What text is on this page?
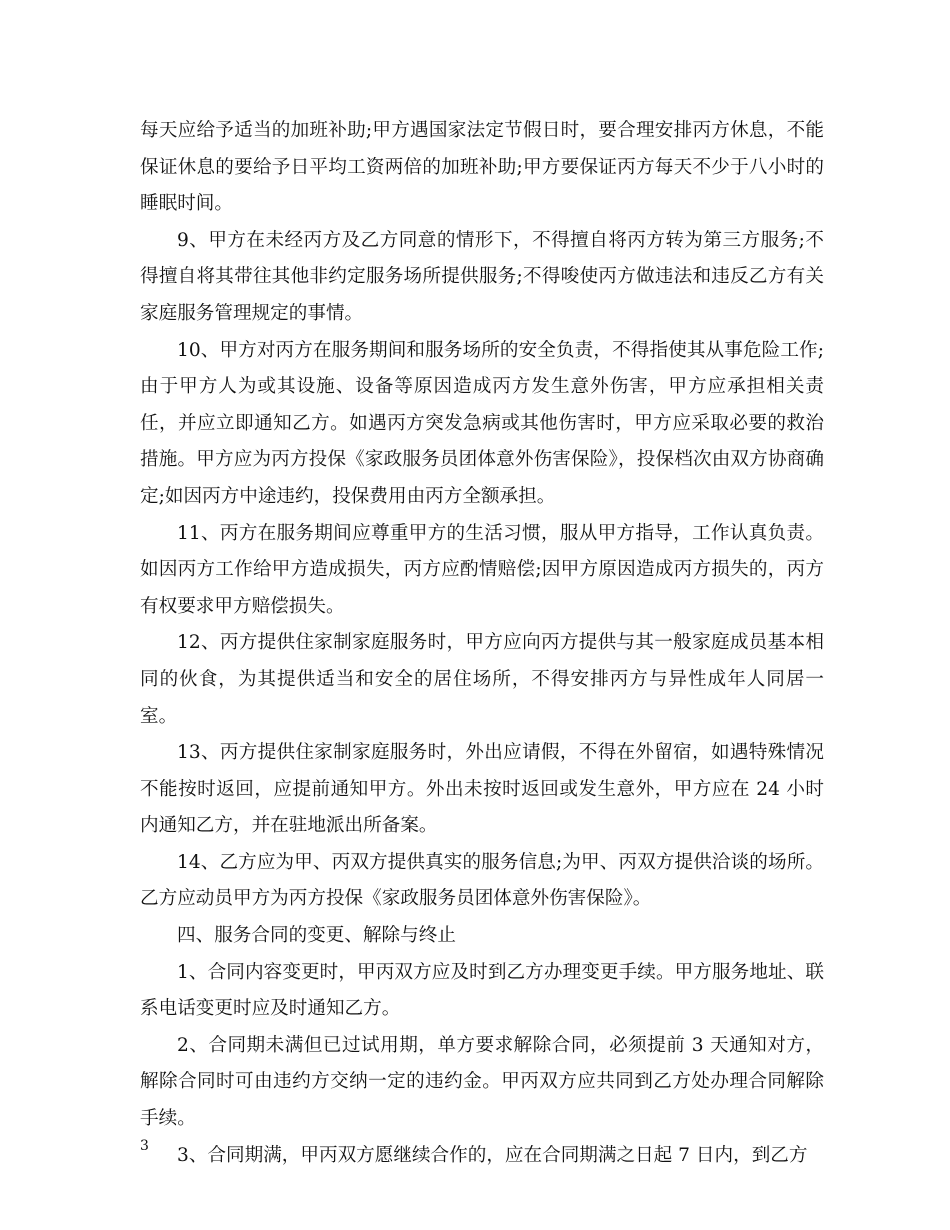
每天应给予适当的加班补助;甲方遇国家法定节假日时，要合理安排丙方休息，不能保证休息的要给予日平均工资两倍的加班补助;甲方要保证丙方每天不少于八小时的睡眠时间。

9、甲方在未经丙方及乙方同意的情形下，不得擅自将丙方转为第三方服务;不得擅自将其带往其他非约定服务场所提供服务;不得唆使丙方做违法和违反乙方有关家庭服务管理规定的事情。

10、甲方对丙方在服务期间和服务场所的安全负责，不得指使其从事危险工作;由于甲方人为或其设施、设备等原因造成丙方发生意外伤害，甲方应承担相关责任，并应立即通知乙方。如遇丙方突发急病或其他伤害时，甲方应采取必要的救治措施。甲方应为丙方投保《家政服务员团体意外伤害保险》，投保档次由双方协商确定;如因丙方中途违约，投保费用由丙方全额承担。

11、丙方在服务期间应尊重甲方的生活习惯，服从甲方指导，工作认真负责。如因丙方工作给甲方造成损失，丙方应酌情赔偿;因甲方原因造成丙方损失的，丙方有权要求甲方赔偿损失。

12、丙方提供住家制家庭服务时，甲方应向丙方提供与其一般家庭成员基本相同的伙食，为其提供适当和安全的居住场所，不得安排丙方与异性成年人同居一室。

13、丙方提供住家制家庭服务时，外出应请假，不得在外留宿，如遇特殊情况不能按时返回，应提前通知甲方。外出未按时返回或发生意外，甲方应在 24 小时内通知乙方，并在驻地派出所备案。

14、乙方应为甲、丙双方提供真实的服务信息;为甲、丙双方提供洽谈的场所。乙方应动员甲方为丙方投保《家政服务员团体意外伤害保险》。

四、服务合同的变更、解除与终止

1、合同内容变更时，甲丙双方应及时到乙方办理变更手续。甲方服务地址、联系电话变更时应及时通知乙方。

2、合同期未满但已过试用期，单方要求解除合同，必须提前 3 天通知对方，解除合同时可由违约方交纳一定的违约金。甲丙双方应共同到乙方处办理合同解除手续。

3、合同期满，甲丙双方愿继续合作的，应在合同期满之日起 7 日内，到乙方

3
